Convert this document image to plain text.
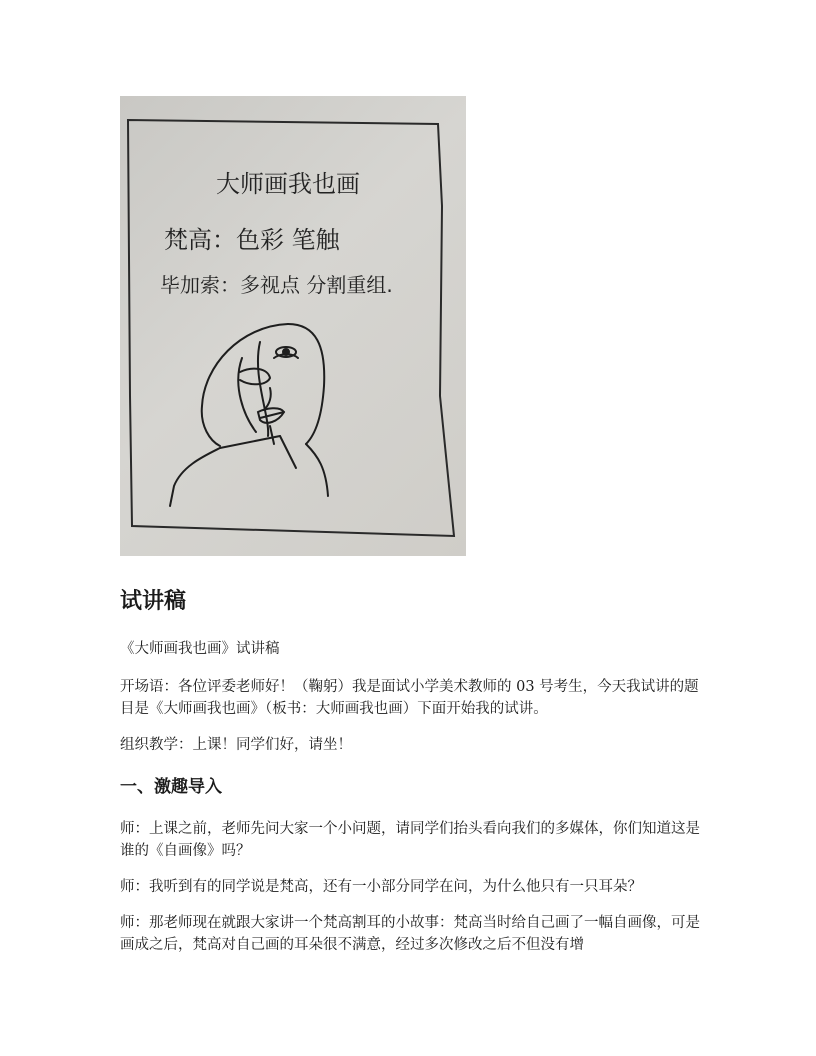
大师画我也画
梵高：色彩 笔触
毕加索：多视点 分割重组.
试讲稿

《大师画我也画》试讲稿

开场语：各位评委老师好！（鞠躬）我是面试小学美术教师的 03 号考生，今天我试讲的题目是《大师画我也画》（板书：大师画我也画）下面开始我的试讲。

组织教学：上课！同学们好，请坐！

一、激趣导入

师：上课之前，老师先问大家一个小问题，请同学们抬头看向我们的多媒体，你们知道这是谁的《自画像》吗？

师：我听到有的同学说是梵高，还有一小部分同学在问，为什么他只有一只耳朵？

师：那老师现在就跟大家讲一个梵高割耳的小故事：梵高当时给自己画了一幅自画像，可是画成之后，梵高对自己画的耳朵很不满意，经过多次修改之后不但没有增
